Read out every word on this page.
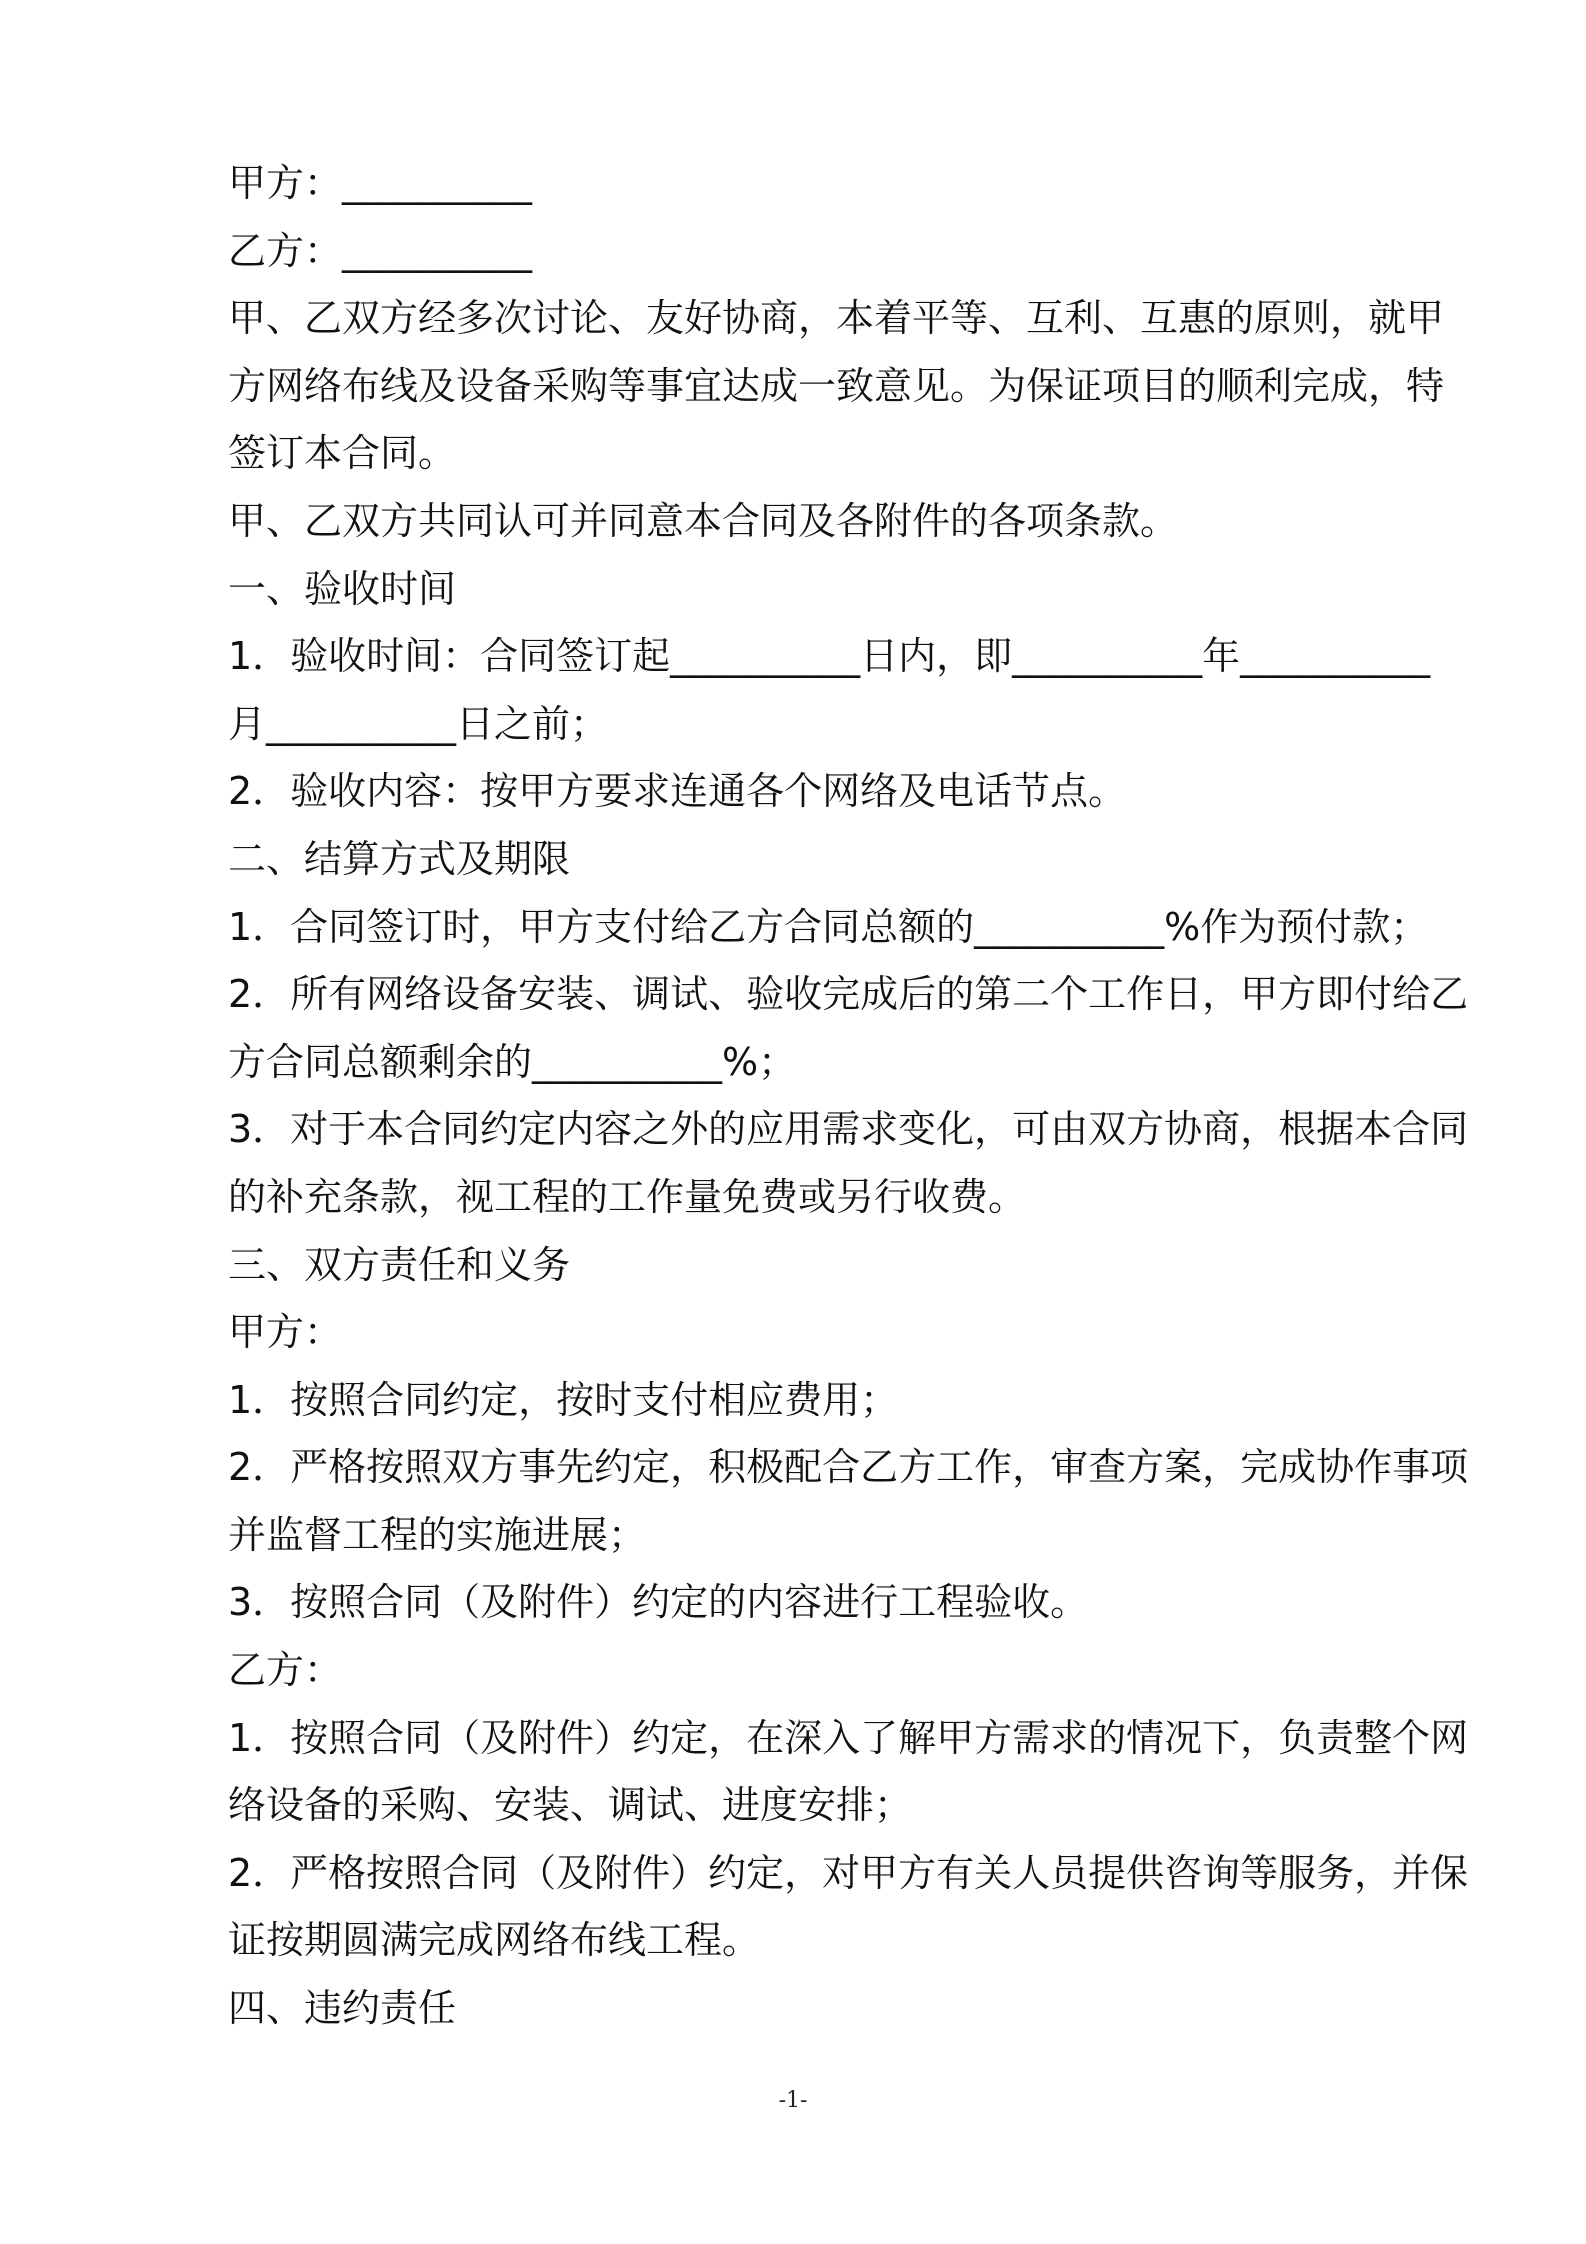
甲方：__________
乙方：__________
甲、乙双方经多次讨论、友好协商，本着平等、互利、互惠的原则，就甲
方网络布线及设备采购等事宜达成一致意见。为保证项目的顺利完成，特
签订本合同。
甲、乙双方共同认可并同意本合同及各附件的各项条款。
一、验收时间
1．验收时间：合同签订起__________日内，即__________年__________
月__________日之前；
2．验收内容：按甲方要求连通各个网络及电话节点。
二、结算方式及期限
1．合同签订时，甲方支付给乙方合同总额的__________%作为预付款；
2．所有网络设备安装、调试、验收完成后的第二个工作日，甲方即付给乙
方合同总额剩余的__________%；
3．对于本合同约定内容之外的应用需求变化，可由双方协商，根据本合同
的补充条款，视工程的工作量免费或另行收费。
三、双方责任和义务
甲方：
1．按照合同约定，按时支付相应费用；
2．严格按照双方事先约定，积极配合乙方工作，审查方案，完成协作事项
并监督工程的实施进展；
3．按照合同（及附件）约定的内容进行工程验收。
乙方：
1．按照合同（及附件）约定，在深入了解甲方需求的情况下，负责整个网
络设备的采购、安装、调试、进度安排；
2．严格按照合同（及附件）约定，对甲方有关人员提供咨询等服务，并保
证按期圆满完成网络布线工程。
四、违约责任
-1-
